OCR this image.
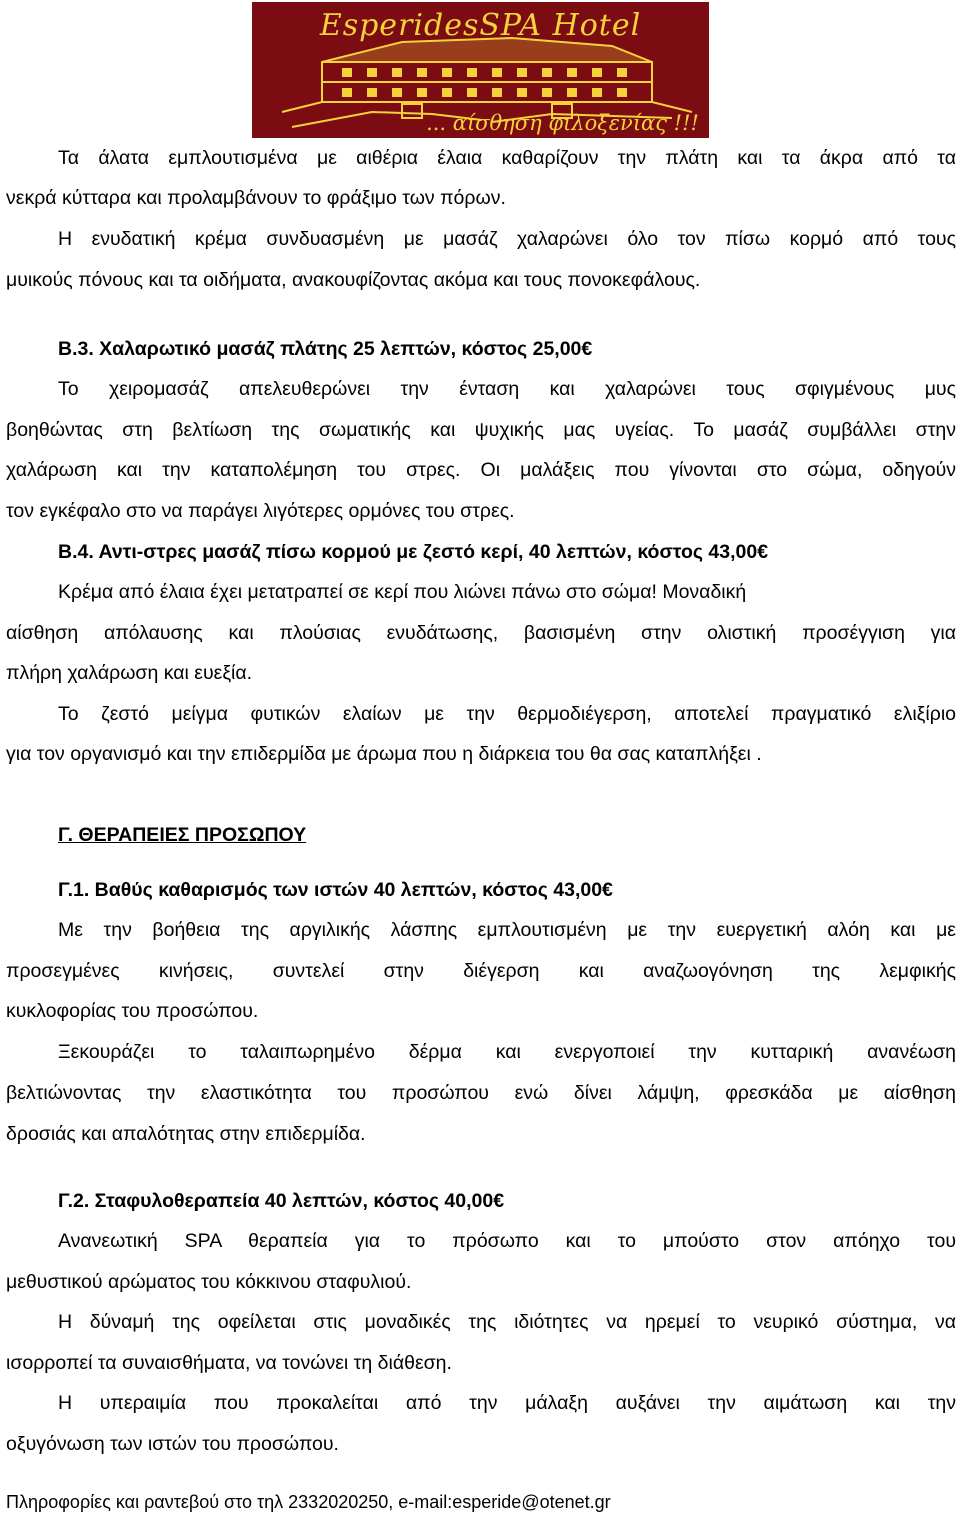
EsperidesSPA Hotel
... αίσθηση φιλοξενίας !!!
Τα άλατα εμπλουτισμένα με αιθέρια έλαια καθαρίζουν την πλάτη και τα άκρα από τα
νεκρά κύτταρα και προλαμβάνουν το φράξιμο των πόρων.
Η ενυδατική κρέμα συνδυασμένη με μασάζ χαλαρώνει όλο τον πίσω κορμό από τους
μυικούς πόνους και τα οιδήματα, ανακουφίζοντας ακόμα και τους πονοκεφάλους.
Β.3. Χαλαρωτικό μασάζ πλάτης 25 λεπτών, κόστος 25,00€
Το χειρομασάζ απελευθερώνει την ένταση και χαλαρώνει τους σφιγμένους μυς
βοηθώντας στη βελτίωση της σωματικής και ψυχικής μας υγείας. Το μασάζ συμβάλλει στην
χαλάρωση και την καταπολέμηση του στρες. Οι μαλάξεις που γίνονται στο σώμα, οδηγούν
τον εγκέφαλο στο να παράγει λιγότερες ορμόνες του στρες.
Β.4. Αντι-στρες μασάζ πίσω κορμού με ζεστό κερί, 40 λεπτών, κόστος 43,00€
Κρέμα από έλαια έχει μετατραπεί σε κερί που λιώνει πάνω στο σώμα! Μοναδική
αίσθηση απόλαυσης και πλούσιας ενυδάτωσης, βασισμένη στην ολιστική προσέγγιση για
πλήρη χαλάρωση και ευεξία.
Το ζεστό μείγμα φυτικών ελαίων με την θερμοδιέγερση, αποτελεί πραγματικό ελιξίριο
για τον οργανισμό και την επιδερμίδα με άρωμα που η διάρκεια του θα σας καταπλήξει .
Γ. ΘΕΡΑΠΕΙΕΣ ΠΡΟΣΩΠΟΥ
Γ.1. Βαθύς καθαρισμός των ιστών 40 λεπτών, κόστος 43,00€
Με την βοήθεια της αργιλικής λάσπης εμπλουτισμένη με την ευεργετική αλόη και με
προσεγμένες κινήσεις, συντελεί στην διέγερση και αναζωογόνηση της λεμφικής
κυκλοφορίας του προσώπου.
Ξεκουράζει το ταλαιπωρημένο δέρμα και ενεργοποιεί την κυτταρική ανανέωση
βελτιώνοντας την ελαστικότητα του προσώπου ενώ δίνει λάμψη, φρεσκάδα με αίσθηση
δροσιάς και απαλότητας στην επιδερμίδα.
Γ.2. Σταφυλοθεραπεία 40 λεπτών, κόστος 40,00€
Ανανεωτική SPA θεραπεία για το πρόσωπο και το μπούστο στον απόηχο του
μεθυστικού αρώματος του κόκκινου σταφυλιού.
Η δύναμή της οφείλεται στις μοναδικές της ιδιότητες να ηρεμεί το νευρικό σύστημα, να
ισορροπεί τα συναισθήματα, να τονώνει τη διάθεση.
Η υπεραιμία που προκαλείται από την μάλαξη αυξάνει την αιμάτωση και την
οξυγόνωση των ιστών του προσώπου.
Πληροφορίες και ραντεβού στο τηλ 2332020250, e-mail:esperide@otenet.gr
